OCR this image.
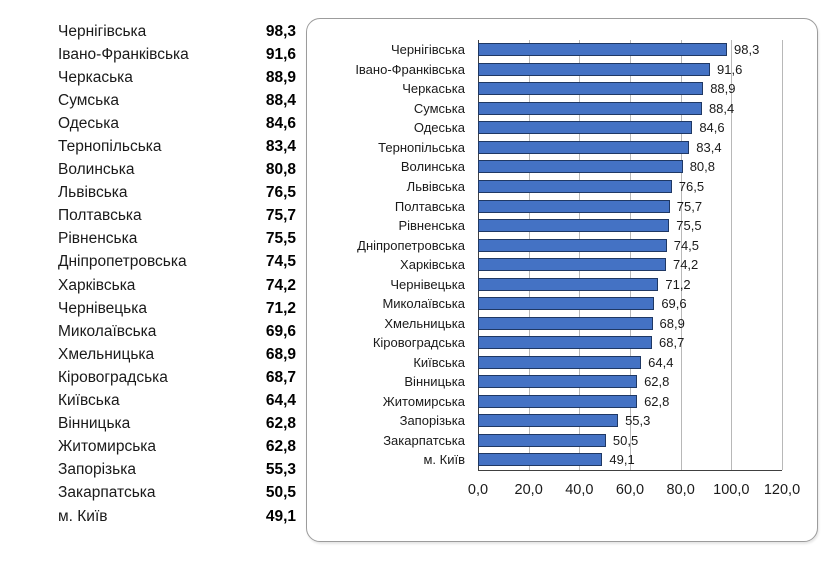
Чернігівська	98,3
Івано-Франківська	91,6
Черкаська	88,9
Сумська	88,4
Одеська	84,6
Тернопільська	83,4
Волинська	80,8
Львівська	76,5
Полтавська	75,7
Рівненська	75,5
Дніпропетровська	74,5
Харківська	74,2
Чернівецька	71,2
Миколаївська	69,6
Хмельницька	68,9
Кіровоградська	68,7
Київська	64,4
Вінницька	62,8
Житомирська	62,8
Запорізька	55,3
Закарпатська	50,5
м. Київ	49,1
Чернігівська	98,3
Івано-Франківська	91,6
Черкаська	88,9
Сумська	88,4
Одеська	84,6
Тернопільська	83,4
Волинська	80,8
Львівська	76,5
Полтавська	75,7
Рівненська	75,5
Дніпропетровська	74,5
Харківська	74,2
Чернівецька	71,2
Миколаївська	69,6
Хмельницька	68,9
Кіровоградська	68,7
Київська	64,4
Вінницька	62,8
Житомирська	62,8
Запорізька	55,3
Закарпатська	50,5
м. Київ	49,1
0,0 20,0 40,0 60,0 80,0 100,0 120,0
